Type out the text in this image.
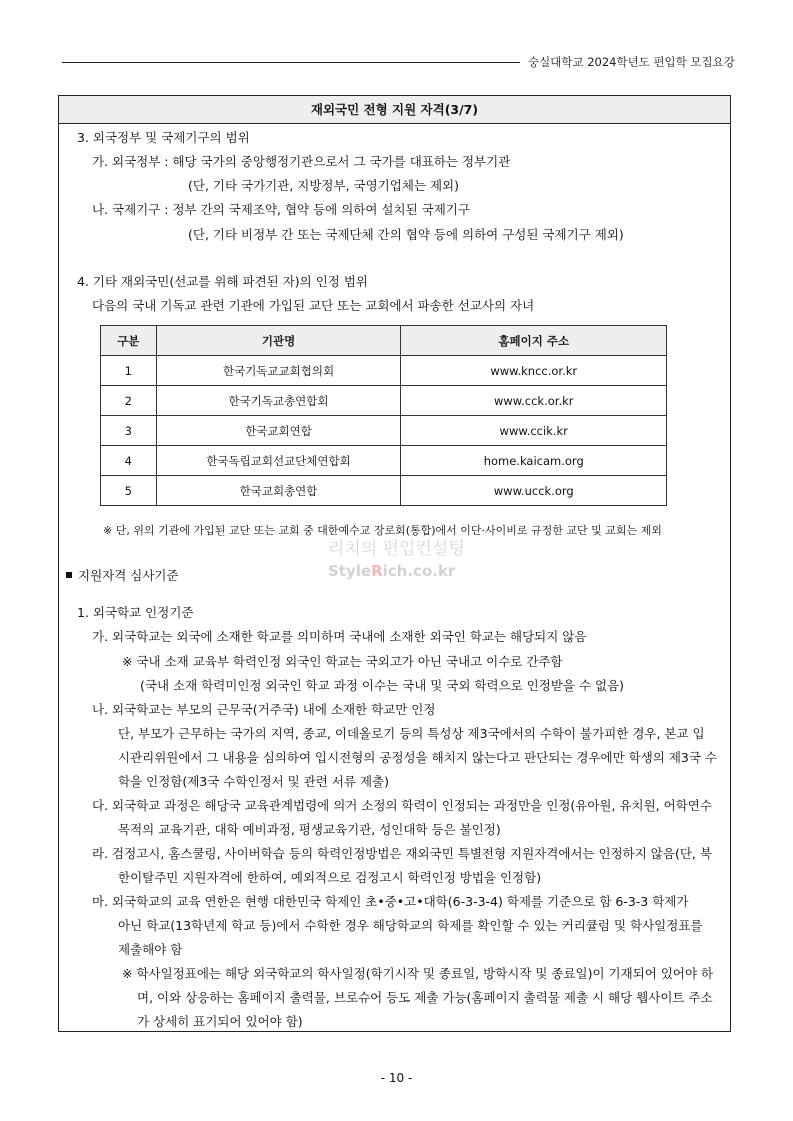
숭실대학교 2024학년도 편입학 모집요강
재외국민 전형 지원 자격(3/7)
3. 외국정부 및 국제기구의 범위
가. 외국정부 : 해당 국가의 중앙행정기관으로서 그 국가를 대표하는 정부기관
(단, 기타 국가기관, 지방정부, 국영기업체는 제외)
나. 국제기구 : 정부 간의 국제조약, 협약 등에 의하여 설치된 국제기구
(단, 기타 비정부 간 또는 국제단체 간의 협약 등에 의하여 구성된 국제기구 제외)
4. 기타 재외국민(선교를 위해 파견된 자)의 인정 범위
다음의 국내 기독교 관련 기관에 가입된 교단 또는 교회에서 파송한 선교사의 자녀
구분	기관명	홈페이지 주소
1	한국기독교교회협의회	www.kncc.or.kr
2	한국기독교총연합회	www.cck.or.kr
3	한국교회연합	www.ccik.kr
4	한국독립교회선교단체연합회	home.kaicam.org
5	한국교회총연합	www.ucck.org
※ 단, 위의 기관에 가입된 교단 또는 교회 중 대한예수교 장로회(통합)에서 이단·사이비로 규정한 교단 및 교회는 제외
리치의 편입컨설팅
StyleRich.co.kr
지원자격 심사기준
1. 외국학교 인정기준
가. 외국학교는 외국에 소재한 학교를 의미하며 국내에 소재한 외국인 학교는 해당되지 않음
※ 국내 소재 교육부 학력인정 외국인 학교는 국외고가 아닌 국내고 이수로 간주함
(국내 소재 학력미인정 외국인 학교 과정 이수는 국내 및 국외 학력으로 인정받을 수 없음)
나. 외국학교는 부모의 근무국(거주국) 내에 소재한 학교만 인정
단, 부모가 근무하는 국가의 지역, 종교, 이데올로기 등의 특성상 제3국에서의 수학이 불가피한 경우, 본교 입
시관리위원에서 그 내용을 심의하여 입시전형의 공정성을 해치지 않는다고 판단되는 경우에만 학생의 제3국 수
학을 인정함(제3국 수학인정서 및 관련 서류 제출)
다. 외국학교 과정은 해당국 교육관계법령에 의거 소정의 학력이 인정되는 과정만을 인정(유아원, 유치원, 어학연수
목적의 교육기관, 대학 예비과정, 평생교육기관, 성인대학 등은 불인정)
라. 검정고시, 홈스쿨링, 사이버학습 등의 학력인정방법은 재외국민 특별전형 지원자격에서는 인정하지 않음(단, 북
한이탈주민 지원자격에 한하여, 예외적으로 검정고시 학력인정 방법을 인정함)
마. 외국학교의 교육 연한은 현행 대한민국 학제인 초•중•고•대학(6-3-3-4) 학제를 기준으로 함 6-3-3 학제가
아닌 학교(13학년제 학교 등)에서 수학한 경우 해당학교의 학제를 확인할 수 있는 커리큘럼 및 학사일정표를
제출해야 함
※ 학사일정표에는 해당 외국학교의 학사일정(학기시작 및 종료일, 방학시작 및 종료일)이 기재되어 있어야 하
며, 이와 상응하는 홈페이지 출력물, 브로슈어 등도 제출 가능(홈페이지 출력물 제출 시 해당 웹사이트 주소
가 상세히 표기되어 있어야 함)
- 10 -
